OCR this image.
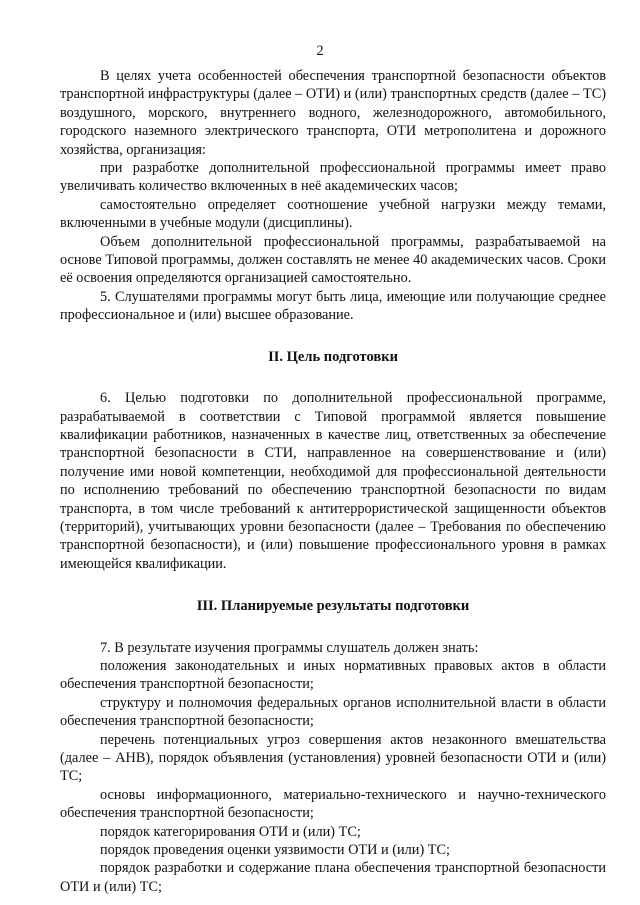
2

В целях учета особенностей обеспечения транспортной безопасности объектов транспортной инфраструктуры (далее – ОТИ) и (или) транспортных средств (далее – ТС) воздушного, морского, внутреннего водного, железнодорожного, автомобильного, городского наземного электрического транспорта, ОТИ метрополитена и дорожного хозяйства, организация:

при разработке дополнительной профессиональной программы имеет право увеличивать количество включенных в неё академических часов;

самостоятельно определяет соотношение учебной нагрузки между темами, включенными в учебные модули (дисциплины).

Объем дополнительной профессиональной программы, разрабатываемой на основе Типовой программы, должен составлять не менее 40 академических часов. Сроки её освоения определяются организацией самостоятельно.

5. Слушателями программы могут быть лица, имеющие или получающие среднее профессиональное и (или) высшее образование.

II. Цель подготовки

6. Целью подготовки по дополнительной профессиональной программе, разрабатываемой в соответствии с Типовой программой является повышение квалификации работников, назначенных в качестве лиц, ответственных за обеспечение транспортной безопасности в СТИ, направленное на совершенствование и (или) получение ими новой компетенции, необходимой для профессиональной деятельности по исполнению требований по обеспечению транспортной безопасности по видам транспорта, в том числе требований к антитеррористической защищенности объектов (территорий), учитывающих уровни безопасности (далее – Требования по обеспечению транспортной безопасности), и (или) повышение профессионального уровня в рамках имеющейся квалификации.

III. Планируемые результаты подготовки

7. В результате изучения программы слушатель должен знать:

положения законодательных и иных нормативных правовых актов в области обеспечения транспортной безопасности;

структуру и полномочия федеральных органов исполнительной власти в области обеспечения транспортной безопасности;

перечень потенциальных угроз совершения актов незаконного вмешательства (далее – АНВ), порядок объявления (установления) уровней безопасности ОТИ и (или) ТС;

основы информационного, материально-технического и научно-технического обеспечения транспортной безопасности;

порядок категорирования ОТИ и (или) ТС;

порядок проведения оценки уязвимости ОТИ и (или) ТС;

порядок разработки и содержание плана обеспечения транспортной безопасности ОТИ и (или) ТС;
